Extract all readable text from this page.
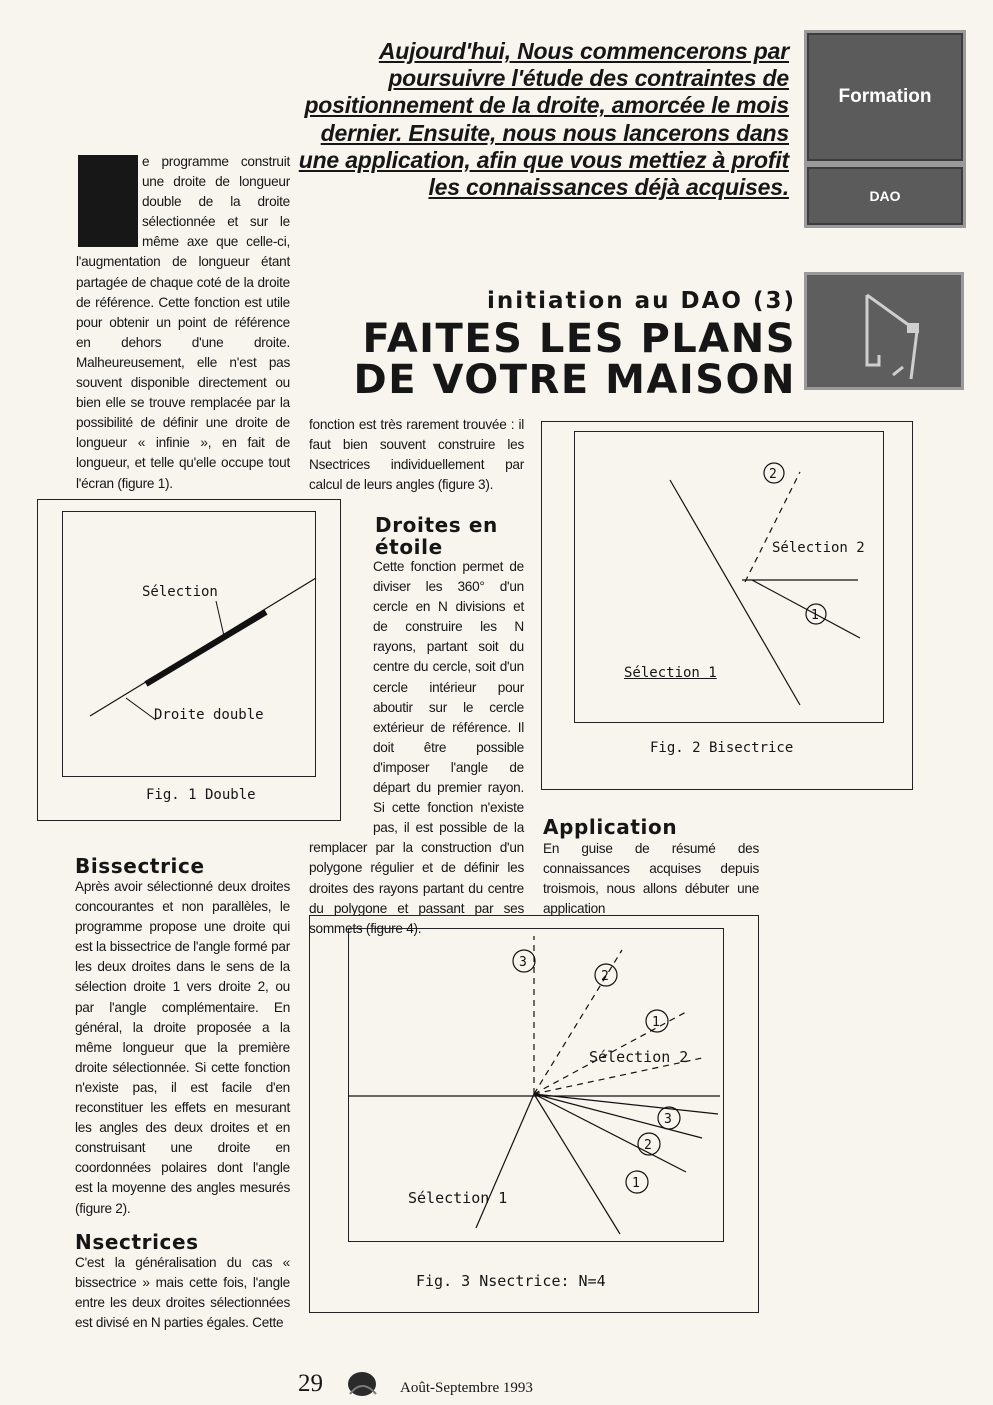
Formation
DAO
Aujourd'hui, Nous commencerons par poursuivre l'étude des contraintes de positionnement de la droite, amorcée le mois dernier. Ensuite, nous nous lancerons dans une application, afin que vous mettiez à profit les connaissances déjà acquises.

e programme construit une droite de longueur double de la droite sélectionnée et sur le même axe que celle-ci, l'augmentation de longueur étant partagée de chaque coté de la droite de référence. Cette fonction est utile pour obtenir un point de référence en dehors d'une droite. Malheureusement, elle n'est pas souvent disponible directement ou bien elle se trouve remplacée par la possibilité de définir une droite de longueur « infinie », en fait de longueur, et telle qu'elle occupe tout l'écran (figure 1).

initiation au DAO (3)
FAITES LES PLANS
DE VOTRE MAISON
Sélection
Droite double
Fig. 1 Double
Bissectrice

Après avoir sélectionné deux droites concourantes et non parallèles, le programme propose une droite qui est la bissectrice de l'angle formé par les deux droites dans le sens de la sélection droite 1 vers droite 2, ou par l'angle complémentaire. En général, la droite proposée a la même longueur que la première droite sélectionnée. Si cette fonction n'existe pas, il est facile d'en reconstituer les effets en mesurant les angles des deux droites et en construisant une droite en coordonnées polaires dont l'angle est la moyenne des angles mesurés (figure 2).

Nsectrices

C'est la généralisation du cas « bissectrice » mais cette fois, l'angle entre les deux droites sélectionnées est divisé en N parties égales. Cette

fonction est très rarement trouvée : il faut bien souvent construire les Nsectrices individuellement par calcul de leurs angles (figure 3).
Droites en étoile

Cette fonction permet de diviser les 360° d'un cercle en N divisions et de construire les N rayons, partant soit du centre du cercle, soit d'un cercle intérieur pour aboutir sur le cercle extérieur de référence. Il doit être possible d'imposer l'angle de départ du premier rayon. Si cette fonction n'existe pas, il est possible de la remplacer par la construction d'un polygone régulier et de définir les droites des rayons partant du centre du polygone et passant par ses sommets (figure 4).

2
1
Sélection 2
Sélection 1
Fig. 2 Bisectrice
Application
En guise de résumé des connaissances acquises depuis troismois, nous allons débuter une application
3
2
1
3
2
1
Sélection 2
Sélection 1
Fig. 3 Nsectrice: N=4
29	Août-Septembre 1993
